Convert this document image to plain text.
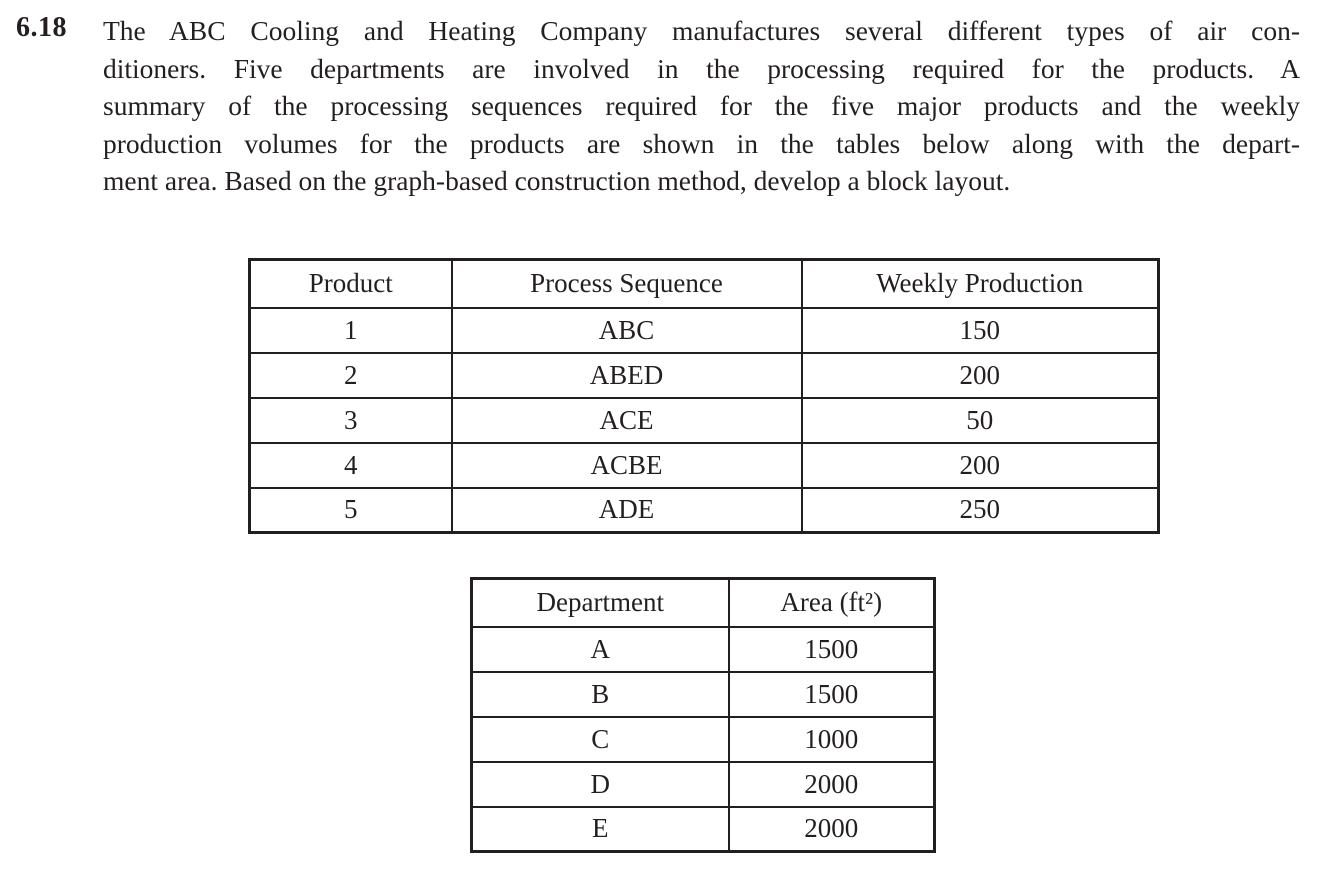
6.18 The ABC Cooling and Heating Company manufactures several different types of air con-
ditioners. Five departments are involved in the processing required for the products. A
summary of the processing sequences required for the five major products and the weekly
production volumes for the products are shown in the tables below along with the depart-
ment area. Based on the graph-based construction method, develop a block layout.
Product	Process Sequence	Weekly Production
1	ABC	150
2	ABED	200
3	ACE	50
4	ACBE	200
5	ADE	250
Department	Area (ft²)
A	1500
B	1500
C	1000
D	2000
E	2000
